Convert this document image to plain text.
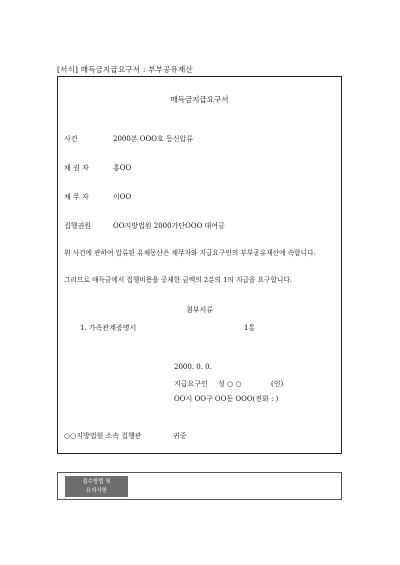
[서식] 매득금지급요구서 : 부부공유재산
매득금지급요구서
사건	2000본 OOO호 등신압류
채 권 자	홍OO
채 무 자	이OO
집행권원	OO지방법원 2000가단OOO 대여금
위 사건에 관하여 압류된 유체동산은 채무자와 지급요구인의 부부공유재산에 속합니다.
그러므로 매득금에서 집행비용을 공제한 금액의 2분의 1의 지급을 요구합니다.
첨부서류
1. 가족관계증명서	1통
2000. 0. 0.
지급요구인 성 ○ ○	(인)
OO시 OO구 OO동 OOO(전화 : )
○○지방법원 소속 집행관	귀중
접수방법 및
유의사항
